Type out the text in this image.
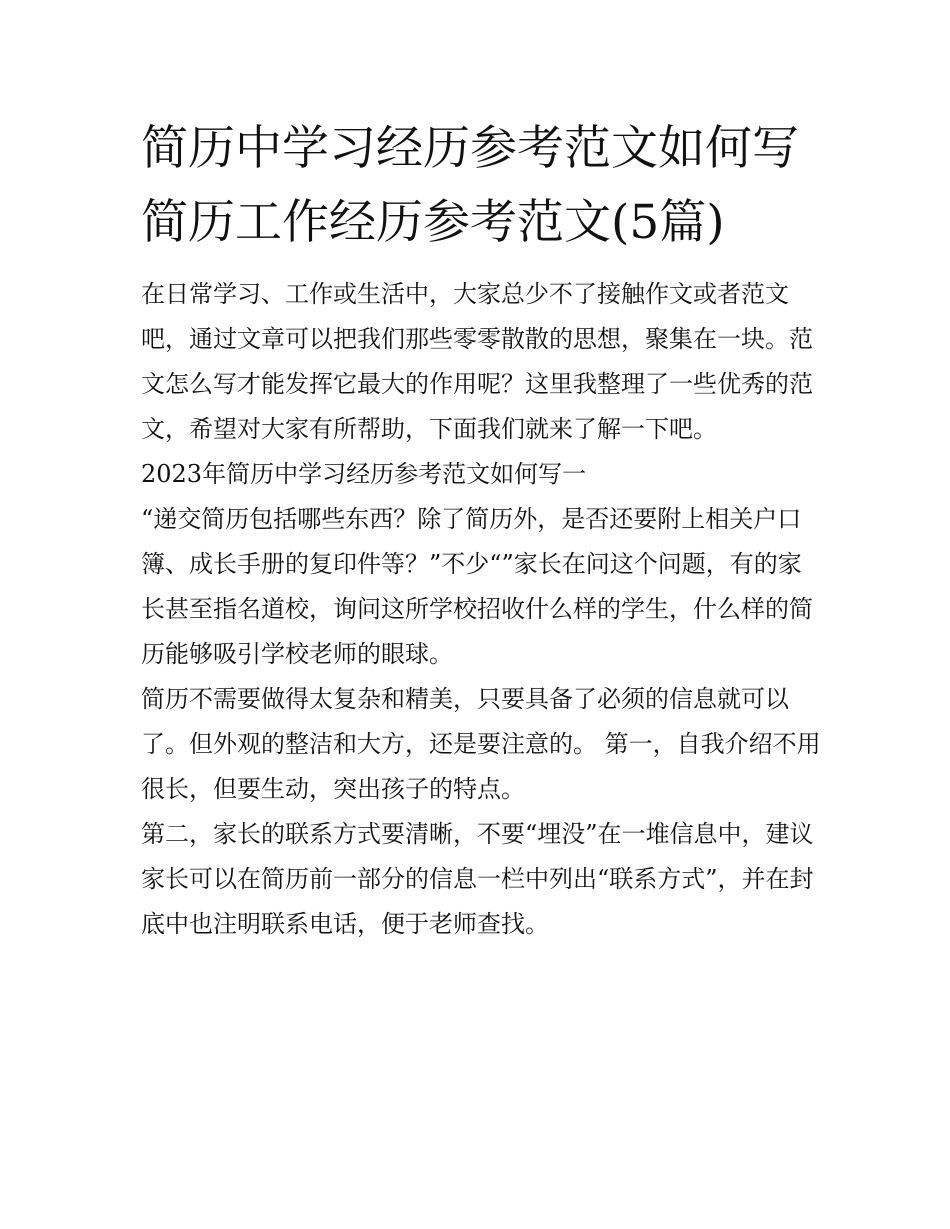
简历中学习经历参考范文如何写 简历工作经历参考范文(5篇)

在日常学习、工作或生活中，大家总少不了接触作文或者范文吧，通过文章可以把我们那些零零散散的思想，聚集在一块。范文怎么写才能发挥它最大的作用呢？这里我整理了一些优秀的范文，希望对大家有所帮助，下面我们就来了解一下吧。

2023年简历中学习经历参考范文如何写一

“递交简历包括哪些东西？除了简历外，是否还要附上相关户口簿、成长手册的复印件等？”不少“”家长在问这个问题，有的家长甚至指名道校，询问这所学校招收什么样的学生，什么样的简历能够吸引学校老师的眼球。

简历不需要做得太复杂和精美，只要具备了必须的信息就可以了。但外观的整洁和大方，还是要注意的。 第一，自我介绍不用很长，但要生动，突出孩子的特点。

第二，家长的联系方式要清晰，不要“埋没”在一堆信息中，建议家长可以在简历前一部分的信息一栏中列出“联系方式”，并在封底中也注明联系电话，便于老师查找。
